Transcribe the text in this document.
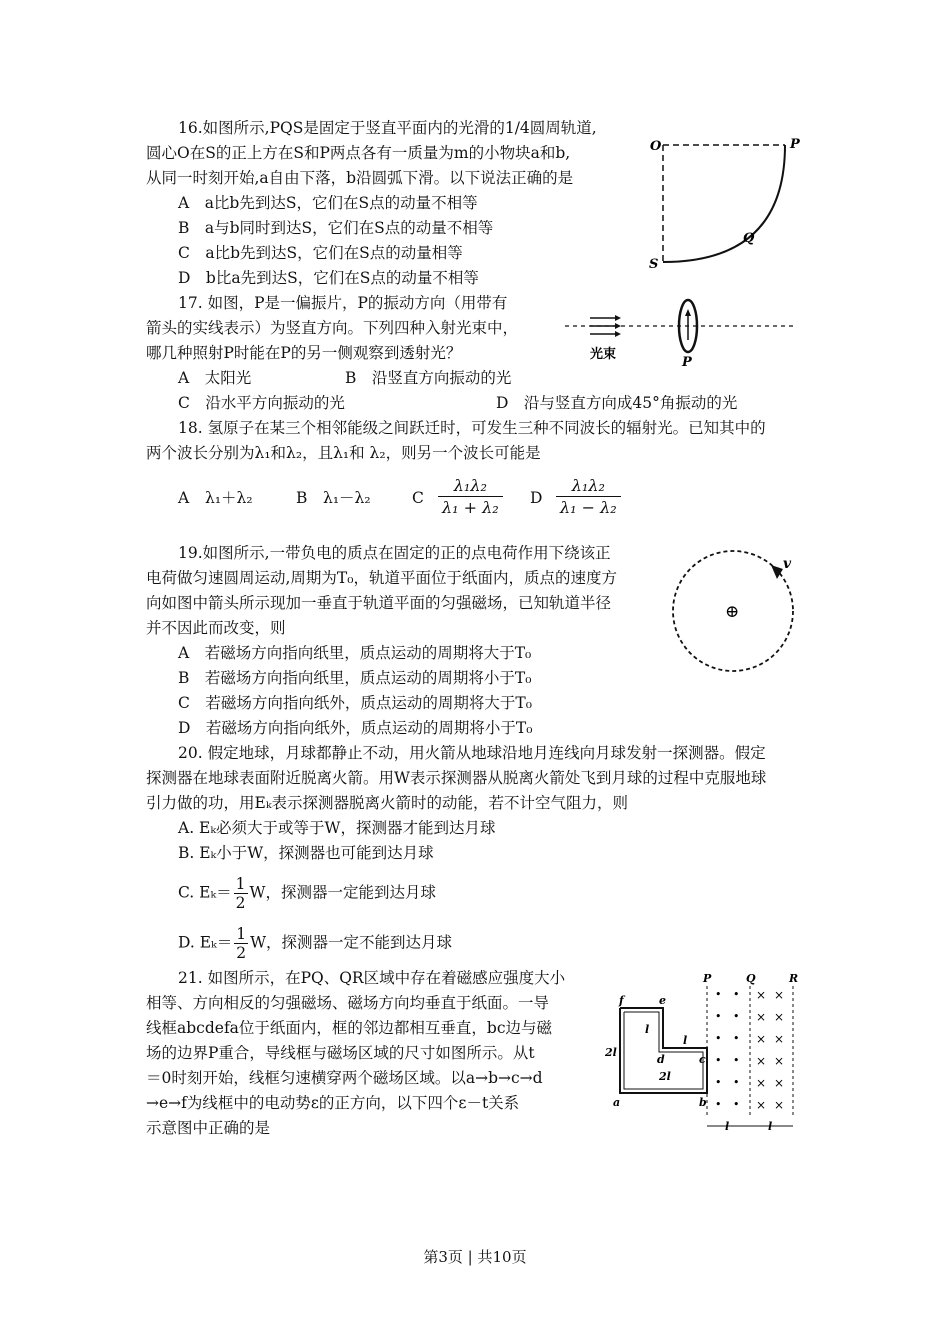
16.如图所示,PQS是固定于竖直平面内的光滑的1/4圆周轨道,
圆心O在S的正上方在S和P两点各有一质量为m的小物块a和b,
从同一时刻开始,a自由下落，b沿圆弧下滑。以下说法正确的是
A　a比b先到达S，它们在S点的动量不相等
B　a与b同时到达S，它们在S点的动量不相等
C　a比b先到达S，它们在S点的动量相等
D　b比a先到达S，它们在S点的动量不相等
O	P
Q
S
17. 如图，P是一偏振片，P的振动方向（用带有
箭头的实线表示）为竖直方向。下列四种入射光束中，
哪几种照射P时能在P的另一侧观察到透射光？
A　太阳光	B　沿竖直方向振动的光
C　沿水平方向振动的光	D　沿与竖直方向成45°角振动的光
光束
P
18. 氢原子在某三个相邻能级之间跃迁时，可发生三种不同波长的辐射光。已知其中的
两个波长分别为λ₁和λ₂，且λ₁和 λ₂，则另一个波长可能是
A λ₁＋λ₂	B λ₁－λ₂	C $\frac{\text{λ₁λ₂}}{\text{λ₁ + λ₂}}$ D $\frac{\text{λ₁λ₂}}{\text{λ₁ − λ₂}}$
19.如图所示,一带负电的质点在固定的正的点电荷作用下绕该正
电荷做匀速圆周运动,周期为T₀，轨道平面位于纸面内，质点的速度方
向如图中箭头所示现加一垂直于轨道平面的匀强磁场，已知轨道半径
并不因此而改变，则
A　若磁场方向指向纸里，质点运动的周期将大于T₀
B　若磁场方向指向纸里，质点运动的周期将小于T₀
C　若磁场方向指向纸外，质点运动的周期将大于T₀
D　若磁场方向指向纸外，质点运动的周期将小于T₀
⊕
v
20. 假定地球，月球都静止不动，用火箭从地球沿地月连线向月球发射一探测器。假定
探测器在地球表面附近脱离火箭。用W表示探测器从脱离火箭处飞到月球的过程中克服地球
引力做的功，用Eₖ表示探测器脱离火箭时的动能，若不计空气阻力，则
A. Eₖ必须大于或等于W，探测器才能到达月球
B. Eₖ小于W，探测器也可能到达月球
C. $E_k= \frac{1}{2}$ W，探测器一定能到达月球
D. $E_k= \frac{1}{2}$ W，探测器一定不能到达月球
21. 如图所示，在PQ、QR区域中存在着磁感应强度大小
相等、方向相反的匀强磁场、磁场方向均垂直于纸面。一导
线框abcdefa位于纸面内，框的邻边都相互垂直，bc边与磁
场的边界P重合，导线框与磁场区域的尺寸如图所示。从t
＝0时刻开始，线框匀速横穿两个磁场区域。以a→b→c→d
→e→f为线框中的电动势ε的正方向，以下四个ε－t关系
示意图中正确的是
P	Q	R
• •
• •
• •
• •
• •
• •
× ×
× ×
× ×
× ×
× ×
× ×
f	e
d	c
b
a
2l
l
l
2l
l	l
第3页 | 共10页
